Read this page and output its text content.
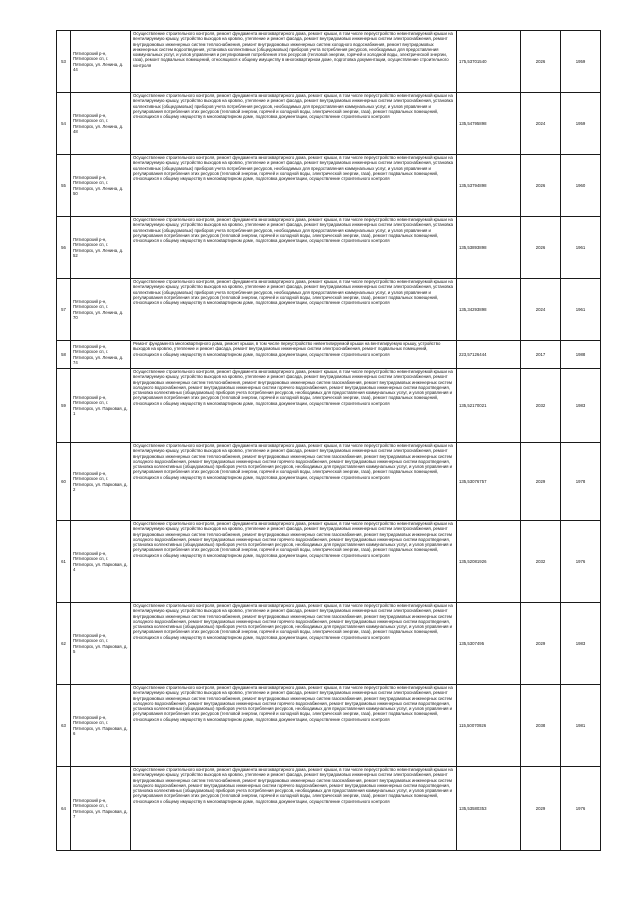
53	Пятигорский р-н, Пятигорское сп, г. Пятигорск, ул. Ленина, д. 44	Осуществление строительного контроля, ремонт фундамента многоквартирного дома, ремонт крыши, в том числе переустройство невентилируемой крыши на вентилируемую крышу, устройство выходов на кровлю, утепление и ремонт фасада, ремонт внутридомовых инженерных систем электроснабжения, ремонт внутридомовых инженерных систем теплоснабжения, ремонт внутридомовых инженерных систем холодного водоснабжения, ремонт внутридомовых инженерных систем водоотведения, установка коллективных (общедомовых) приборов учета потребления ресурсов, необходимых для предоставления коммунальных услуг, и узлов управления и регулирования потребления этих ресурсов (тепловой энергии, горячей и холодной воды, электрической энергии, газа), ремонт подвальных помещений, относящихся к общему имуществу в многоквартирном доме, подготовка документации, осуществление строительного контроля	175,53701540	2026	1959
54	Пятигорский р-н, Пятигорское сп, г. Пятигорск, ул. Ленина, д. 48	Осуществление строительного контроля, ремонт фундамента многоквартирного дома, ремонт крыши, в том числе переустройство невентилируемой крыши на вентилируемую крышу, устройство выходов на кровлю, утепление и ремонт фасада, ремонт внутридомовых инженерных систем электроснабжения, установка коллективных (общедомовых) приборов учета потребления ресурсов, необходимых для предоставления коммунальных услуг, и узлов управления и регулирования потребления этих ресурсов (тепловой энергии, горячей и холодной воды, электрической энергии, газа), ремонт подвальных помещений, относящихся к общему имуществу в многоквартирном доме, подготовка документации, осуществление строительного контроля	135,54795898	2024	1959
55	Пятигорский р-н, Пятигорское сп, г. Пятигорск, ул. Ленина, д. 50	Осуществление строительного контроля, ремонт фундамента многоквартирного дома, ремонт крыши, в том числе переустройство невентилируемой крыши на вентилируемую крышу, устройство выходов на кровлю, утепление и ремонт фасада, ремонт внутридомовых инженерных систем электроснабжения, установка коллективных (общедомовых) приборов учета потребления ресурсов, необходимых для предоставления коммунальных услуг, и узлов управления и регулирования потребления этих ресурсов (тепловой энергии, горячей и холодной воды, электрической энергии, газа), ремонт подвальных помещений, относящихся к общему имуществу в многоквартирном доме, подготовка документации, осуществление строительного контроля	135,53794898	2026	1960
56	Пятигорский р-н, Пятигорское сп, г. Пятигорск, ул. Ленина, д. 52	Осуществление строительного контроля, ремонт фундамента многоквартирного дома, ремонт крыши, в том числе переустройство невентилируемой крыши на вентилируемую крышу, устройство выходов на кровлю, утепление и ремонт фасада, ремонт внутридомовых инженерных систем электроснабжения, установка коллективных (общедомовых) приборов учета потребления ресурсов, необходимых для предоставления коммунальных услуг, и узлов управления и регулирования потребления этих ресурсов (тепловой энергии, горячей и холодной воды, электрической энергии, газа), ремонт подвальных помещений, относящихся к общему имуществу в многоквартирном доме, подготовка документации, осуществление строительного контроля	135,53893898	2026	1961
57	Пятигорский р-н, Пятигорское сп, г. Пятигорск, ул. Ленина, д. 70	Осуществление строительного контроля, ремонт фундамента многоквартирного дома, ремонт крыши, в том числе переустройство невентилируемой крыши на вентилируемую крышу, устройство выходов на кровлю, утепление и ремонт фасада, ремонт внутридомовых инженерных систем электроснабжения, установка коллективных (общедомовых) приборов учета потребления ресурсов, необходимых для предоставления коммунальных услуг, и узлов управления и регулирования потребления этих ресурсов (тепловой энергии, горячей и холодной воды, электрической энергии, газа), ремонт подвальных помещений, относящихся к общему имуществу в многоквартирном доме, подготовка документации, осуществление строительного контроля	135,34293898	2024	1961
58	Пятигорский р-н, Пятигорское сп, г. Пятигорск, ул. Ленина, д. 74	Ремонт фундамента многоквартирного дома, ремонт крыши, в том числе переустройство невентилируемой крыши на вентилируемую крышу, устройство выходов на кровлю, утепление и ремонт фасада, ремонт внутридомовых инженерных систем электроснабжения, ремонт подвальных помещений, относящихся к общему имуществу в многоквартирном доме, подготовка документации, осуществление строительного контроля	223,57126444	2017	1988
59	Пятигорский р-н, Пятигорское сп, г. Пятигорск, ул. Парковая, д. 1	Осуществление строительного контроля, ремонт фундамента многоквартирного дома, ремонт крыши, в том числе переустройство невентилируемой крыши на вентилируемую крышу, устройство выходов на кровлю, утепление и ремонт фасада, ремонт внутридомовых инженерных систем электроснабжения, ремонт внутридомовых инженерных систем теплоснабжения, ремонт внутридомовых инженерных систем газоснабжения, ремонт внутридомовых инженерных систем холодного водоснабжения, ремонт внутридомовых инженерных систем горячего водоснабжения, ремонт внутридомовых инженерных систем водоотведения, установка коллективных (общедомовых) приборов учета потребления ресурсов, необходимых для предоставления коммунальных услуг, и узлов управления и регулирования потребления этих ресурсов (тепловой энергии, горячей и холодной воды, электрической энергии, газа), ремонт подвальных помещений, относящихся к общему имуществу в многоквартирном доме, подготовка документации, осуществление строительного контроля	135,52170021	2032	1983
60	Пятигорский р-н, Пятигорское сп, г. Пятигорск, ул. Парковая, д. 2	Осуществление строительного контроля, ремонт фундамента многоквартирного дома, ремонт крыши, в том числе переустройство невентилируемой крыши на вентилируемую крышу, устройство выходов на кровлю, утепление и ремонт фасада, ремонт внутридомовых инженерных систем электроснабжения, ремонт внутридомовых инженерных систем теплоснабжения, ремонт внутридомовых инженерных систем газоснабжения, ремонт внутридомовых инженерных систем холодного водоснабжения, ремонт внутридомовых инженерных систем горячего водоснабжения, ремонт внутридомовых инженерных систем водоотведения, установка коллективных (общедомовых) приборов учета потребления ресурсов, необходимых для предоставления коммунальных услуг, и узлов управления и регулирования потребления этих ресурсов (тепловой энергии, горячей и холодной воды, электрической энергии, газа), ремонт подвальных помещений, относящихся к общему имуществу в многоквартирном доме, подготовка документации, осуществление строительного контроля	135,53076757	2029	1978
61	Пятигорский р-н, Пятигорское сп, г. Пятигорск, ул. Парковая, д. 4	Осуществление строительного контроля, ремонт фундамента многоквартирного дома, ремонт крыши, в том числе переустройство невентилируемой крыши на вентилируемую крышу, устройство выходов на кровлю, утепление и ремонт фасада, ремонт внутридомовых инженерных систем электроснабжения, ремонт внутридомовых инженерных систем теплоснабжения, ремонт внутридомовых инженерных систем газоснабжения, ремонт внутридомовых инженерных систем холодного водоснабжения, ремонт внутридомовых инженерных систем горячего водоснабжения, ремонт внутридомовых инженерных систем водоотведения, установка коллективных (общедомовых) приборов учета потребления ресурсов, необходимых для предоставления коммунальных услуг, и узлов управления и регулирования потребления этих ресурсов (тепловой энергии, горячей и холодной воды, электрической энергии, газа), ремонт подвальных помещений, относящихся к общему имуществу в многоквартирном доме, подготовка документации, осуществление строительного контроля	135,52081926	2032	1976
62	Пятигорский р-н, Пятигорское сп, г. Пятигорск, ул. Парковая, д. 5	Осуществление строительного контроля, ремонт фундамента многоквартирного дома, ремонт крыши, в том числе переустройство невентилируемой крыши на вентилируемую крышу, устройство выходов на кровлю, утепление и ремонт фасада, ремонт внутридомовых инженерных систем электроснабжения, ремонт внутридомовых инженерных систем теплоснабжения, ремонт внутридомовых инженерных систем газоснабжения, ремонт внутридомовых инженерных систем холодного водоснабжения, ремонт внутридомовых инженерных систем горячего водоснабжения, ремонт внутридомовых инженерных систем водоотведения, установка коллективных (общедомовых) приборов учета потребления ресурсов, необходимых для предоставления коммунальных услуг, и узлов управления и регулирования потребления этих ресурсов (тепловой энергии, горячей и холодной воды, электрической энергии, газа), ремонт подвальных помещений, относящихся к общему имуществу в многоквартирном доме, подготовка документации, осуществление строительного контроля	135,5307495	2029	1983
63	Пятигорский р-н, Пятигорское сп, г. Пятигорск, ул. Парковая, д. 6	Осуществление строительного контроля, ремонт фундамента многоквартирного дома, ремонт крыши, в том числе переустройство невентилируемой крыши на вентилируемую крышу, устройство выходов на кровлю, утепление и ремонт фасада, ремонт внутридомовых инженерных систем электроснабжения, ремонт внутридомовых инженерных систем теплоснабжения, ремонт внутридомовых инженерных систем газоснабжения, ремонт внутридомовых инженерных систем холодного водоснабжения, ремонт внутридомовых инженерных систем горячего водоснабжения, ремонт внутридомовых инженерных систем водоотведения, установка коллективных (общедомовых) приборов учета потребления ресурсов, необходимых для предоставления коммунальных услуг, и узлов управления и регулирования потребления этих ресурсов (тепловой энергии, горячей и холодной воды, электрической энергии, газа), ремонт подвальных помещений, относящихся к общему имуществу в многоквартирном доме, подготовка документации, осуществление строительного контроля	115,50070926	2038	1981
64	Пятигорский р-н, Пятигорское сп, г. Пятигорск, ул. Парковая, д. 7	Осуществление строительного контроля, ремонт фундамента многоквартирного дома, ремонт крыши, в том числе переустройство невентилируемой крыши на вентилируемую крышу, устройство выходов на кровлю, утепление и ремонт фасада, ремонт внутридомовых инженерных систем электроснабжения, ремонт внутридомовых инженерных систем теплоснабжения, ремонт внутридомовых инженерных систем газоснабжения, ремонт внутридомовых инженерных систем холодного водоснабжения, ремонт внутридомовых инженерных систем горячего водоснабжения, ремонт внутридомовых инженерных систем водоотведения, установка коллективных (общедомовых) приборов учета потребления ресурсов, необходимых для предоставления коммунальных услуг, и узлов управления и регулирования потребления этих ресурсов (тепловой энергии, горячей и холодной воды, электрической энергии, газа), ремонт подвальных помещений, относящихся к общему имуществу в многоквартирном доме, подготовка документации, осуществление строительного контроля	135,53580353	2029	1976
